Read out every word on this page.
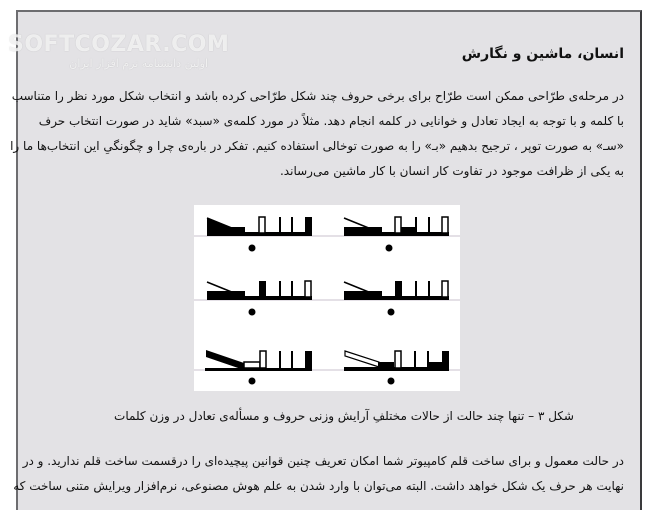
انسان، ماشین و نگارش
در مرحله‌ی طرّاحی ممکن است طرّاح برای برخی حروف چند شکل طرّاحی کرده باشد و انتخاب شکل مورد نظر را متناسب
با کلمه و با توجه به ایجاد تعادل و خوانایی در کلمه انجام دهد. مثلاً در مورد کلمه‌ی «سبد» شاید در صورت انتخاب حرف
«سـ» به صورت توپر ، ترجیح بدهیم «بـ» را به صورت توخالی استفاده کنیم. تفکر در باره‌ی چرا و چگونگیِ این انتخاب‌ها ما را
به یکی از ظرافت موجود در تفاوت کار انسان با کار ماشین می‌رساند.
شکل ۳ – تنها چند حالت از حالات مختلفِ آرایش وزنی حروف و مسأله‌ی تعادل در وزن کلمات
در حالت معمول و برای ساخت قلم کامپیوتر شما امکان تعریف چنین قوانین پیچیده‌ای را درقسمت ساخت قلم ندارید. و در
نهایت هر حرف یک شکل خواهد داشت. البته می‌توان با وارد شدن به علم هوش مصنوعی، نرم‌افزار ویرایش متنی ساخت که
SOFTCOZAR.COM
اولین دانشنامه نرم افزار ایران
